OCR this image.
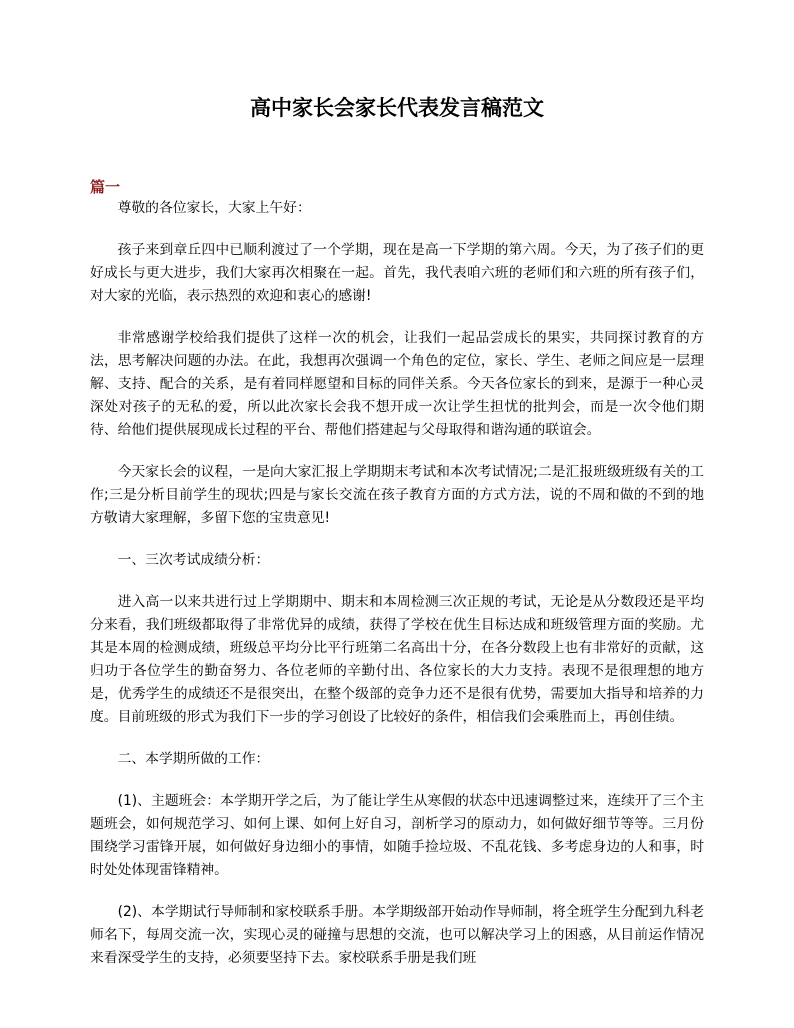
高中家长会家长代表发言稿范文
篇一

尊敬的各位家长，大家上午好：

孩子来到章丘四中已顺利渡过了一个学期，现在是高一下学期的第六周。今天，为了孩子们的更好成长与更大进步，我们大家再次相聚在一起。首先，我代表咱六班的老师们和六班的所有孩子们，对大家的光临，表示热烈的欢迎和衷心的感谢!

非常感谢学校给我们提供了这样一次的机会，让我们一起品尝成长的果实，共同探讨教育的方法，思考解决问题的办法。在此，我想再次强调一个角色的定位，家长、学生、老师之间应是一层理解、支持、配合的关系，是有着同样愿望和目标的同伴关系。今天各位家长的到来，是源于一种心灵深处对孩子的无私的爱，所以此次家长会我不想开成一次让学生担忧的批判会，而是一次令他们期待、给他们提供展现成长过程的平台、帮他们搭建起与父母取得和谐沟通的联谊会。

今天家长会的议程，一是向大家汇报上学期期末考试和本次考试情况;二是汇报班级班级有关的工作;三是分析目前学生的现状;四是与家长交流在孩子教育方面的方式方法，说的不周和做的不到的地方敬请大家理解，多留下您的宝贵意见!

一、三次考试成绩分析：

进入高一以来共进行过上学期期中、期末和本周检测三次正规的考试，无论是从分数段还是平均分来看，我们班级都取得了非常优异的成绩，获得了学校在优生目标达成和班级管理方面的奖励。尤其是本周的检测成绩，班级总平均分比平行班第二名高出十分，在各分数段上也有非常好的贡献，这归功于各位学生的勤奋努力、各位老师的辛勤付出、各位家长的大力支持。表现不是很理想的地方是，优秀学生的成绩还不是很突出，在整个级部的竞争力还不是很有优势，需要加大指导和培养的力度。目前班级的形式为我们下一步的学习创设了比较好的条件，相信我们会乘胜而上，再创佳绩。

二、本学期所做的工作：

(1)、主题班会：本学期开学之后，为了能让学生从寒假的状态中迅速调整过来，连续开了三个主题班会，如何规范学习、如何上课、如何上好自习，剖析学习的原动力，如何做好细节等等。三月份围绕学习雷锋开展，如何做好身边细小的事情，如随手捡垃圾、不乱花钱、多考虑身边的人和事，时时处处体现雷锋精神。

(2)、本学期试行导师制和家校联系手册。本学期级部开始动作导师制，将全班学生分配到九科老师名下，每周交流一次，实现心灵的碰撞与思想的交流，也可以解决学习上的困惑，从目前运作情况来看深受学生的支持，必须要坚持下去。家校联系手册是我们班
